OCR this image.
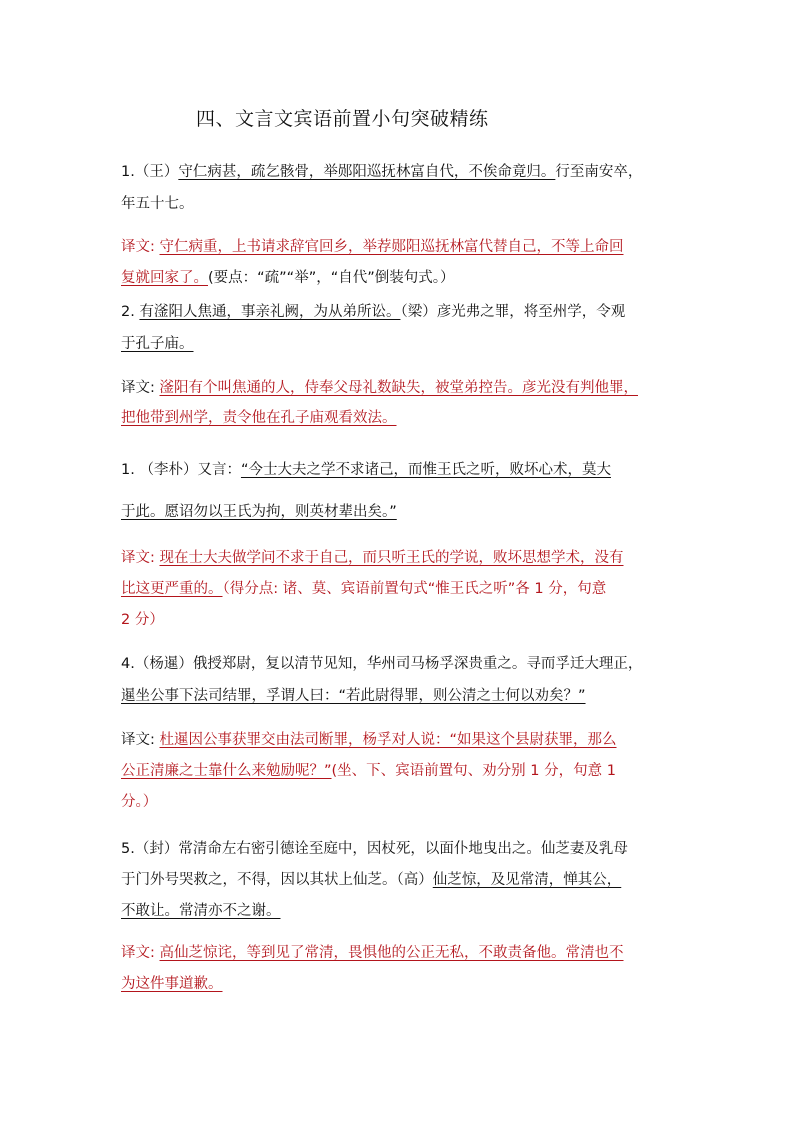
四、文言文宾语前置小句突破精练
1.（王）守仁病甚，疏乞骸骨，举郧阳巡抚林富自代，不俟命竟归。行至南安卒，
年五十七。
译文: 守仁病重，上书请求辞官回乡，举荐郧阳巡抚林富代替自己，不等上命回
复就回家了。(要点：“疏”“举”，“自代”倒装句式。）
2. 有滏阳人焦通，事亲礼阙，为从弟所讼。（梁）彦光弗之罪，将至州学，令观
于孔子庙。
译文: 滏阳有个叫焦通的人，侍奉父母礼数缺失，被堂弟控告。彦光没有判他罪，
把他带到州学，责令他在孔子庙观看效法。
1. （李朴）又言：“今士大夫之学不求诸己，而惟王氏之听，败坏心术，莫大
于此。愿诏勿以王氏为拘，则英材辈出矣。”
译文: 现在士大夫做学问不求于自己，而只听王氏的学说，败坏思想学术，没有
比这更严重的。（得分点: 诸、莫、宾语前置句式“惟王氏之听”各 1 分，句意
2 分）
4.（杨暹）俄授郑尉，复以清节见知，华州司马杨孚深贵重之。寻而孚迁大理正，
暹坐公事下法司结罪，孚谓人曰：“若此尉得罪，则公清之士何以劝矣？”
译文: 杜暹因公事获罪交由法司断罪，杨孚对人说：“如果这个县尉获罪，那么
公正清廉之士靠什么来勉励呢？”(坐、下、宾语前置句、劝分别 1 分，句意 1
分。）
5.（封）常清命左右密引德诠至庭中，因杖死，以面仆地曳出之。仙芝妻及乳母
于门外号哭救之，不得，因以其状上仙芝。（高）仙芝惊，及见常清，惮其公，
不敢让。常清亦不之谢。
译文: 高仙芝惊诧，等到见了常清，畏惧他的公正无私，不敢责备他。常清也不
为这件事道歉。
